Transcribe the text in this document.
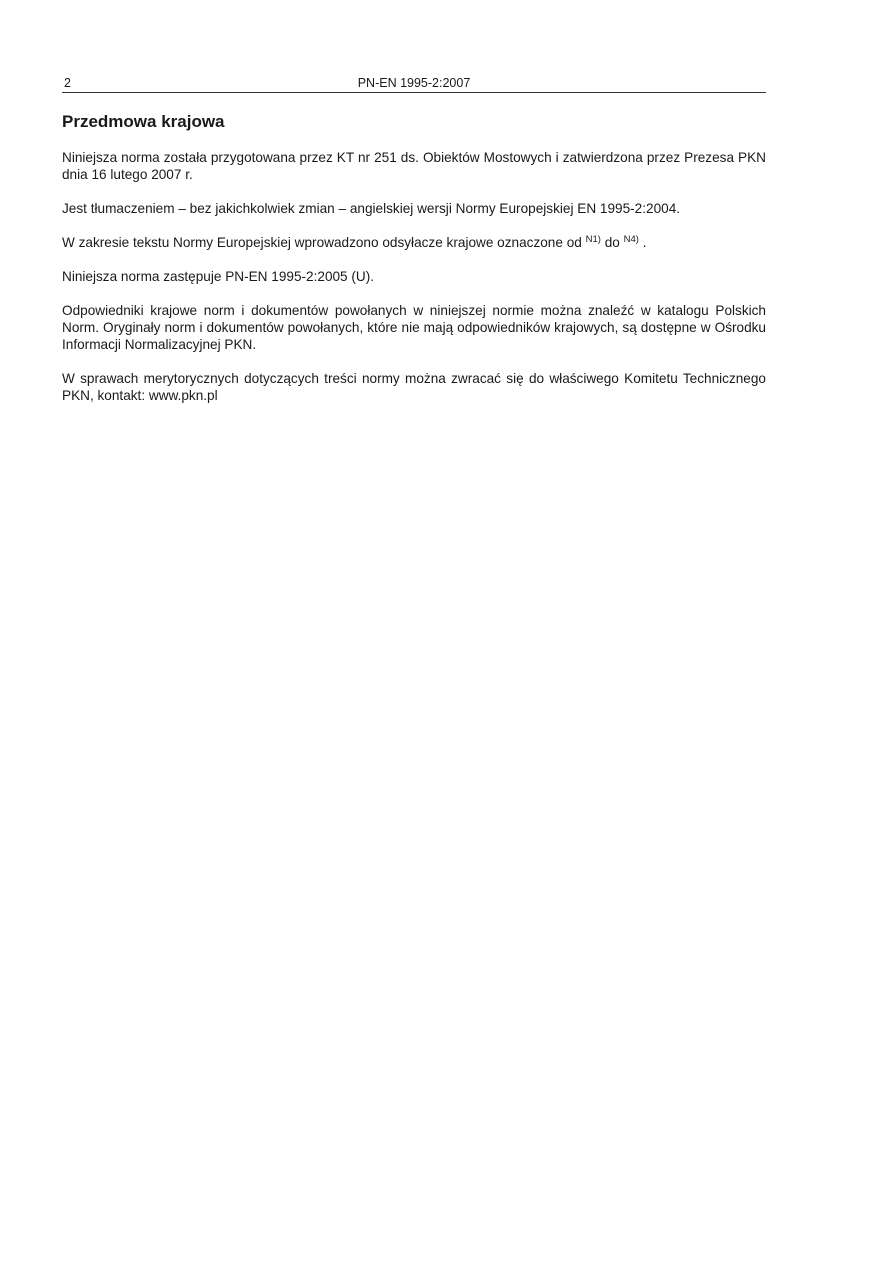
2	PN-EN 1995-2:2007
Przedmowa krajowa

Niniejsza norma została przygotowana przez KT nr 251 ds. Obiektów Mostowych i zatwierdzona przez Prezesa PKN dnia 16 lutego 2007 r.

Jest tłumaczeniem – bez jakichkolwiek zmian – angielskiej wersji Normy Europejskiej EN 1995-2:2004.

W zakresie tekstu Normy Europejskiej wprowadzono odsyłacze krajowe oznaczone od $^{N1)}$ do $^{N4)}$ .

Niniejsza norma zastępuje PN-EN 1995-2:2005 (U).

Odpowiedniki krajowe norm i dokumentów powołanych w niniejszej normie można znaleźć w katalogu Polskich Norm. Oryginały norm i dokumentów powołanych, które nie mają odpowiedników krajowych, są dostępne w Ośrodku Informacji Normalizacyjnej PKN.

W sprawach merytorycznych dotyczących treści normy można zwracać się do właściwego Komitetu Technicznego PKN, kontakt: www.pkn.pl
